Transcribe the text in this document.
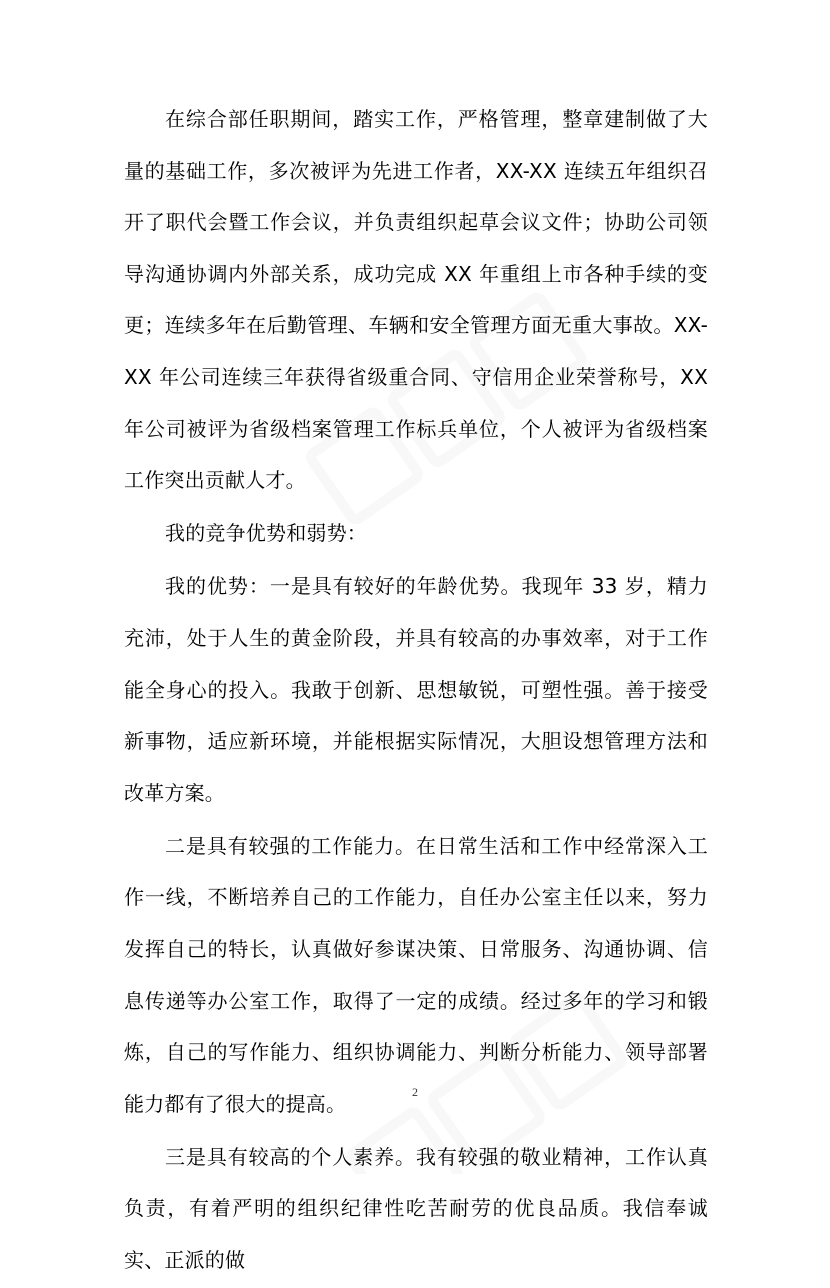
在综合部任职期间，踏实工作，严格管理，整章建制做了大量的基础工作，多次被评为先进工作者，XX-XX 连续五年组织召开了职代会暨工作会议，并负责组织起草会议文件；协助公司领导沟通协调内外部关系，成功完成 XX 年重组上市各种手续的变更；连续多年在后勤管理、车辆和安全管理方面无重大事故。XX-XX 年公司连续三年获得省级重合同、守信用企业荣誉称号，XX 年公司被评为省级档案管理工作标兵单位，个人被评为省级档案工作突出贡献人才。

我的竞争优势和弱势：

我的优势：一是具有较好的年龄优势。我现年 33 岁，精力充沛，处于人生的黄金阶段，并具有较高的办事效率，对于工作能全身心的投入。我敢于创新、思想敏锐，可塑性强。善于接受新事物，适应新环境，并能根据实际情况，大胆设想管理方法和改革方案。

二是具有较强的工作能力。在日常生活和工作中经常深入工作一线，不断培养自己的工作能力，自任办公室主任以来，努力发挥自己的特长，认真做好参谋决策、日常服务、沟通协调、信息传递等办公室工作，取得了一定的成绩。经过多年的学习和锻炼，自己的写作能力、组织协调能力、判断分析能力、领导部署能力都有了很大的提高。

三是具有较高的个人素养。我有较强的敬业精神，工作认真负责，有着严明的组织纪律性吃苦耐劳的优良品质。我信奉诚实、正派的做

2
